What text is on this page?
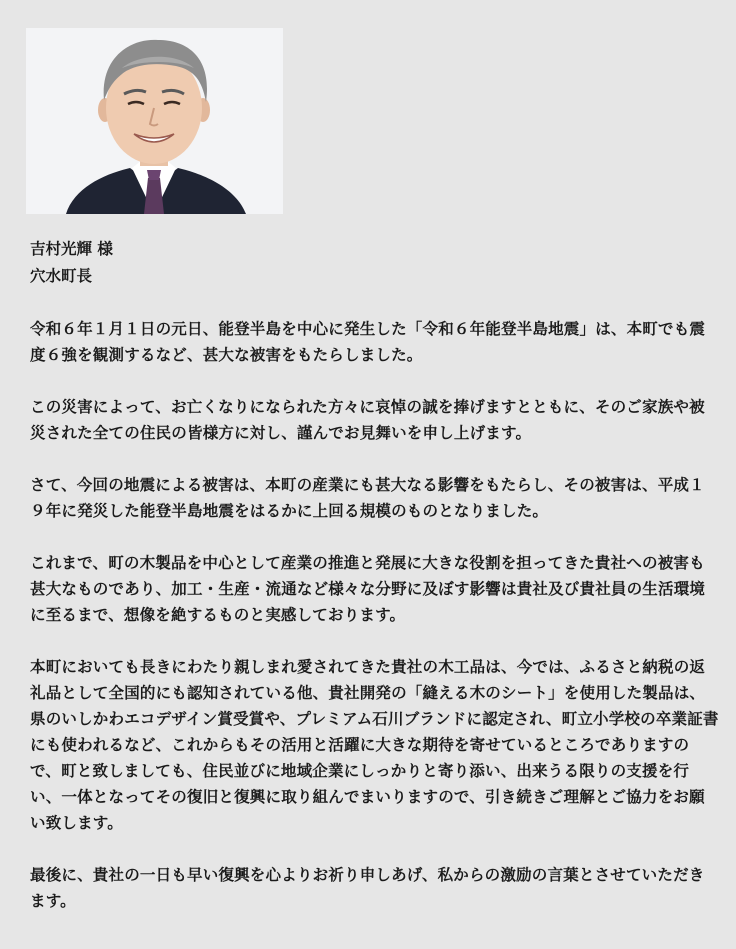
吉村光輝 様

穴水町長

令和６年１月１日の元日、能登半島を中心に発生した「令和６年能登半島地震」は、本町でも震度６強を観測するなど、甚大な被害をもたらしました。

この災害によって、お亡くなりになられた方々に哀悼の誠を捧げますとともに、そのご家族や被災された全ての住民の皆様方に対し、謹んでお見舞いを申し上げます。

さて、今回の地震による被害は、本町の産業にも甚大なる影響をもたらし、その被害は、平成１９年に発災した能登半島地震をはるかに上回る規模のものとなりました。

これまで、町の木製品を中心として産業の推進と発展に大きな役割を担ってきた貴社への被害も甚大なものであり、加工・生産・流通など様々な分野に及ぼす影響は貴社及び貴社員の生活環境に至るまで、想像を絶するものと実感しております。

本町においても長きにわたり親しまれ愛されてきた貴社の木工品は、今では、ふるさと納税の返礼品として全国的にも認知されている他、貴社開発の「縫える木のシート」を使用した製品は、県のいしかわエコデザイン賞受賞や、プレミアム石川ブランドに認定され、町立小学校の卒業証書にも使われるなど、これからもその活用と活躍に大きな期待を寄せているところでありますので、町と致しましても、住民並びに地域企業にしっかりと寄り添い、出来うる限りの支援を行い、一体となってその復旧と復興に取り組んでまいりますので、引き続きご理解とご協力をお願い致します。

最後に、貴社の一日も早い復興を心よりお祈り申しあげ、私からの激励の言葉とさせていただきます。
